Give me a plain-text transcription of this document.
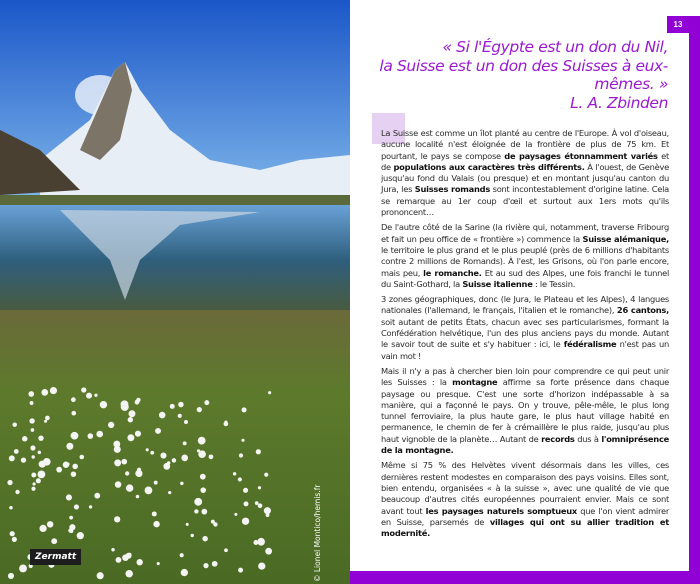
Zermatt	© Lionel Montico/hemis.fr
13
« Si l'Égypte est un don du Nil,
la Suisse est un don des Suisses à eux-mêmes. »
L. A. Zbinden

La Suisse est comme un îlot planté au centre de l'Europe. À vol d'oiseau, aucune localité n'est éloignée de la frontière de plus de 75 km. Et pourtant, le pays se compose de paysages étonnamment variés et de populations aux caractères très différents. À l'ouest, de Genève jusqu'au fond du Valais (ou presque) et en montant jusqu'au canton du Jura, les Suisses romands sont incontestablement d'origine latine. Cela se remarque au 1er coup d'œil et surtout aux 1ers mots qu'ils prononcent…

De l'autre côté de la Sarine (la rivière qui, notamment, traverse Fribourg et fait un peu office de « frontière ») commence la Suisse alémanique, le territoire le plus grand et le plus peuplé (près de 6 millions d'habitants contre 2 millions de Romands). À l'est, les Grisons, où l'on parle encore, mais peu, le romanche. Et au sud des Alpes, une fois franchi le tunnel du Saint-Gothard, la Suisse italienne : le Tessin.

3 zones géographiques, donc (le Jura, le Plateau et les Alpes), 4 langues nationales (l'allemand, le français, l'italien et le romanche), 26 cantons, soit autant de petits États, chacun avec ses particularismes, formant la Confédération helvétique, l'un des plus anciens pays du monde. Autant le savoir tout de suite et s'y habituer : ici, le fédéralisme n'est pas un vain mot !

Mais il n'y a pas à chercher bien loin pour comprendre ce qui peut unir les Suisses : la montagne affirme sa forte présence dans chaque paysage ou presque. C'est une sorte d'horizon indépassable à sa manière, qui a façonné le pays. On y trouve, pêle-mêle, le plus long tunnel ferroviaire, la plus haute gare, le plus haut village habité en permanence, le chemin de fer à crémaillère le plus raide, jusqu'au plus haut vignoble de la planète… Autant de records dus à l'omniprésence de la montagne.

Même si 75 % des Helvètes vivent désormais dans les villes, ces dernières restent modestes en comparaison des pays voisins. Elles sont, bien entendu, organisées « à la suisse », avec une qualité de vie que beaucoup d'autres cités européennes pourraient envier. Mais ce sont avant tout les paysages naturels somptueux que l'on vient admirer en Suisse, parsemés de villages qui ont su allier tradition et modernité.
